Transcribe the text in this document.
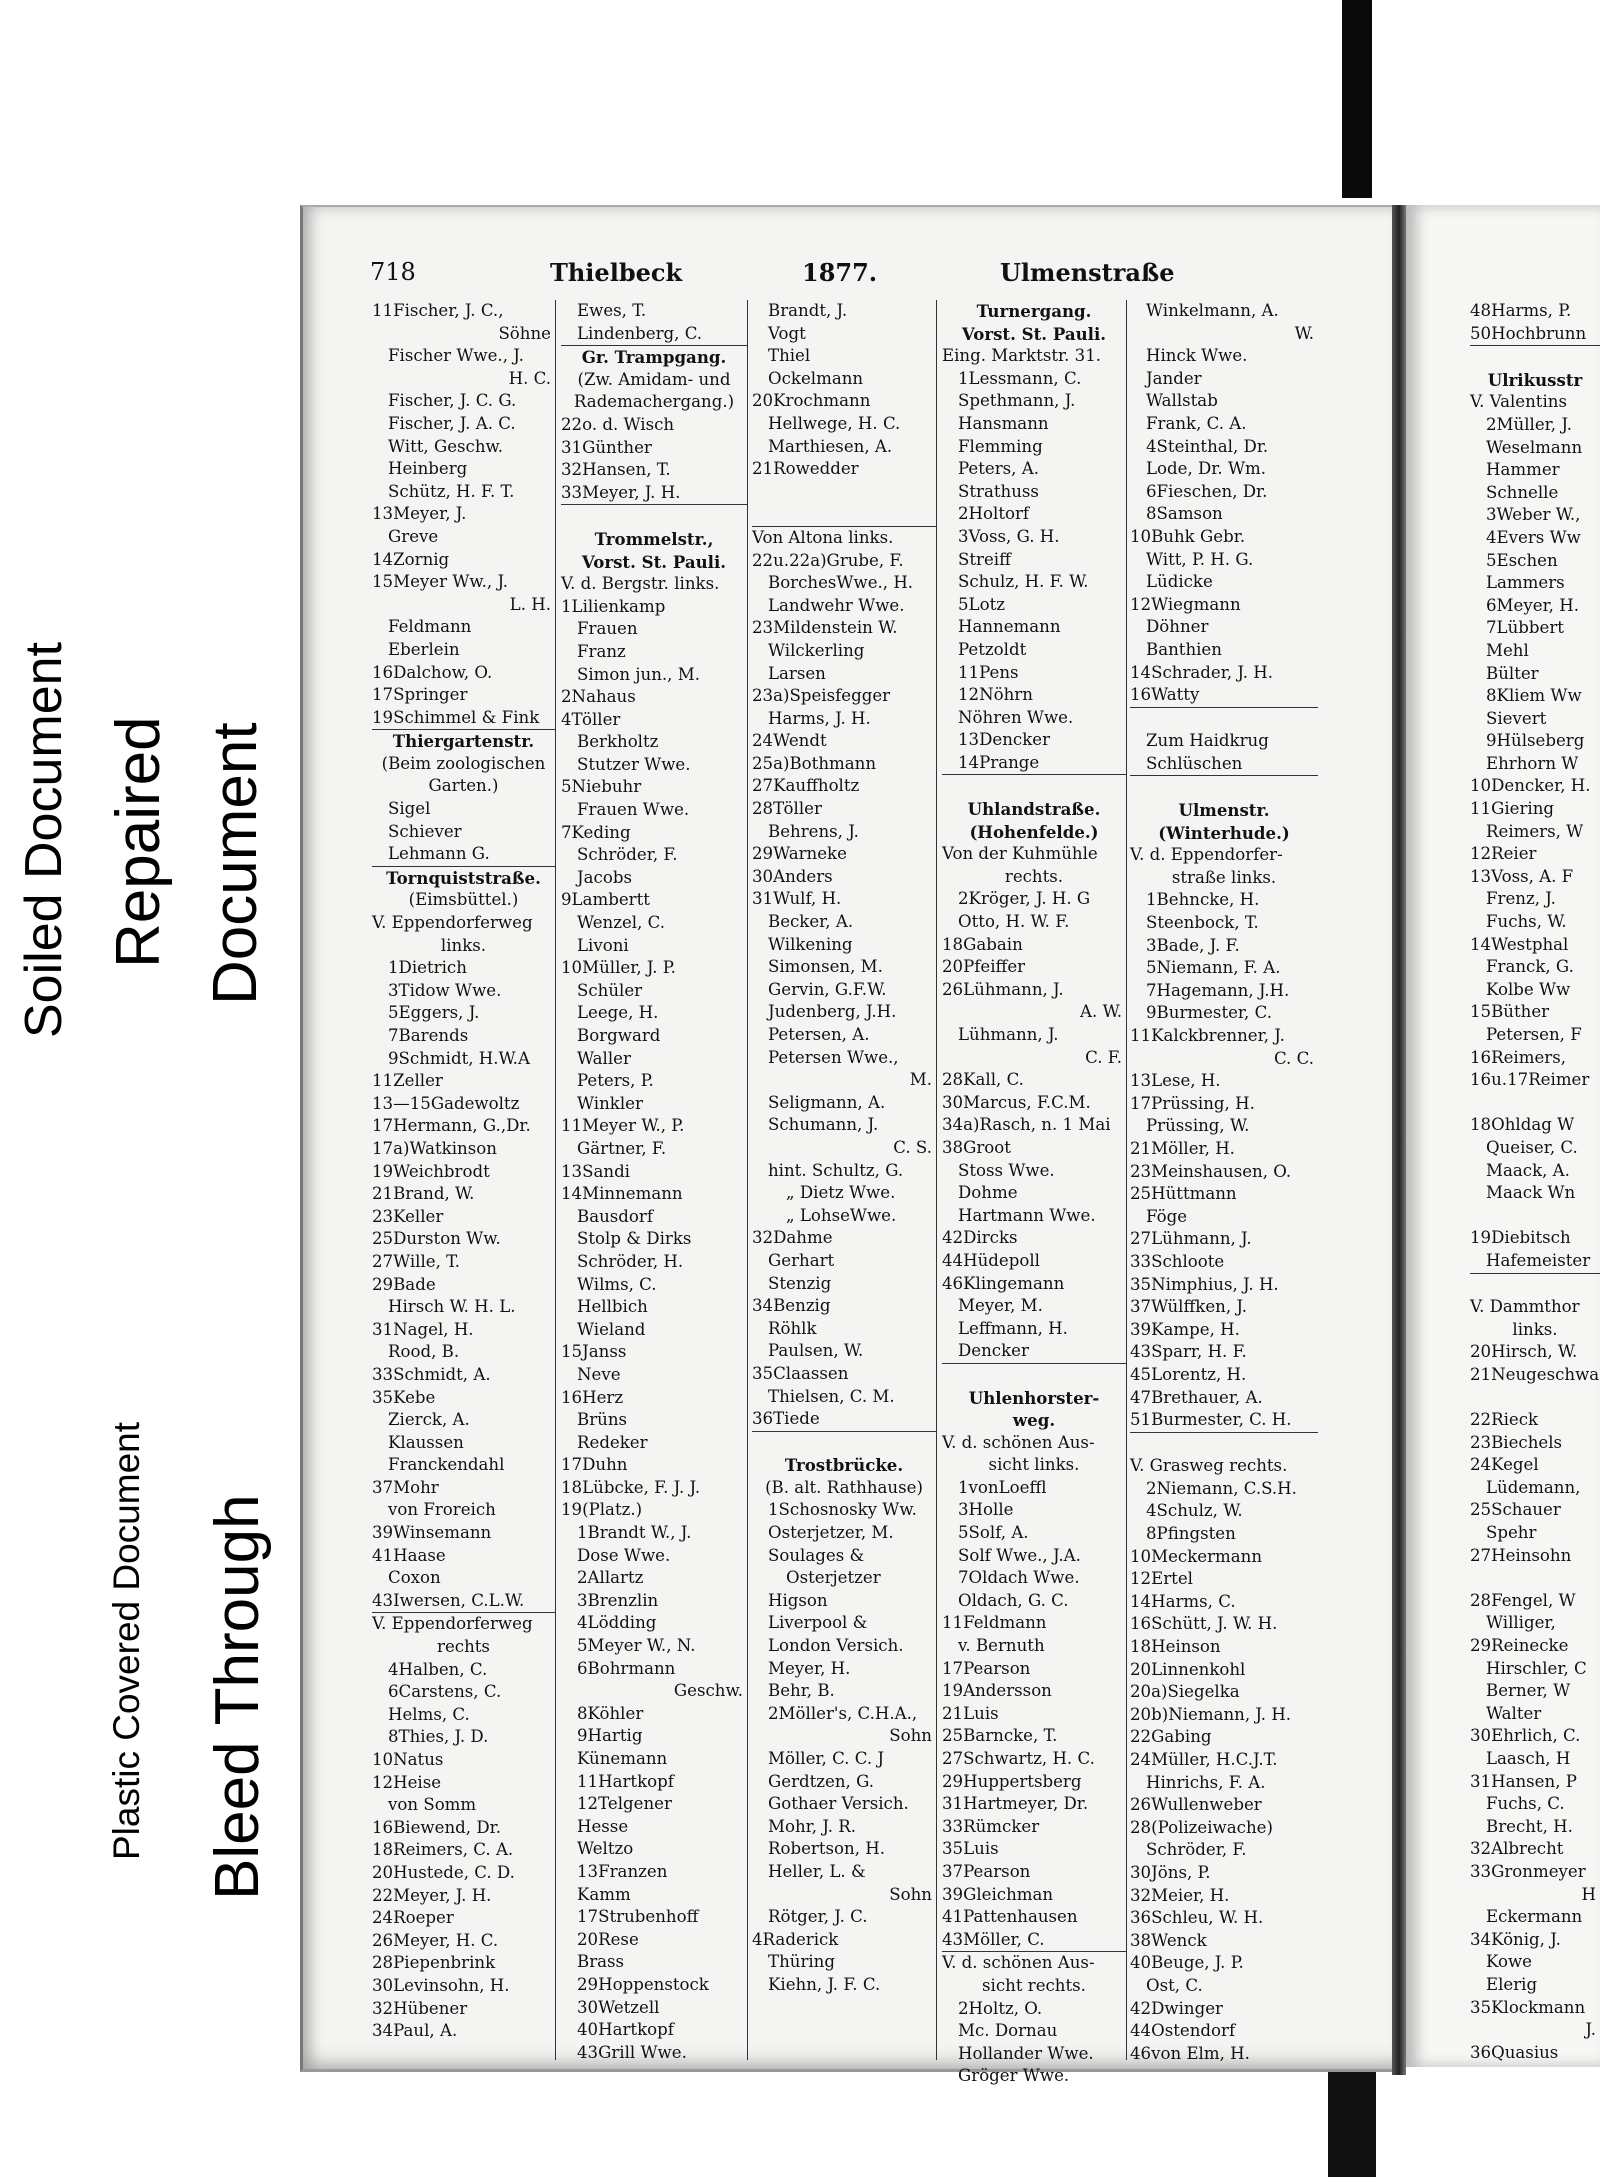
Soiled Document Repaired Document
Plastic Covered Document Bleed Through
718	Thielbeck	1877.	Ulmenstraße
11Fischer, J. C.,
Söhne
Fischer Wwe., J.
H. C.
Fischer, J. C. G.
Fischer, J. A. C.
Witt, Geschw.
Heinberg
Schütz, H. F. T.
13Meyer, J.
Greve
14Zornig
15Meyer Ww., J.
L. H.
Feldmann
Eberlein
16Dalchow, O.
17Springer
19Schimmel & Fink
Thiergartenstr.
(Beim zoologischen
Garten.)
Sigel
Schiever
Lehmann G.
Tornquiststraße.
(Eimsbüttel.)
V. Eppendorferweg
links.
1Dietrich
3Tidow Wwe.
5Eggers, J.
7Barends
9Schmidt, H.W.A
11Zeller
13—15Gadewoltz
17Hermann, G.,Dr.
17a)Watkinson
19Weichbrodt
21Brand, W.
23Keller
25Durston Ww.
27Wille, T.
29Bade
Hirsch W. H. L.
31Nagel, H.
Rood, B.
33Schmidt, A.
35Kebe
Zierck, A.
Klaussen
Franckendahl
37Mohr
von Froreich
39Winsemann
41Haase
Coxon
43Iwersen, C.L.W.
V. Eppendorferweg
rechts
4Halben, C.
6Carstens, C.
Helms, C.
8Thies, J. D.
10Natus
12Heise
von Somm
16Biewend, Dr.
18Reimers, C. A.
20Hustede, C. D.
22Meyer, J. H.
24Roeper
26Meyer, H. C.
28Piepenbrink
30Levinsohn, H.
32Hübener
34Paul, A.
Ewes, T.
Lindenberg, C.
Gr. Trampgang.
(Zw. Amidam- und
Rademachergang.)
22o. d. Wisch
31Günther
32Hansen, T.
33Meyer, J. H.
Trommelstr.,
Vorst. St. Pauli.
V. d. Bergstr. links.
1Lilienkamp
Frauen
Franz
Simon jun., M.
2Nahaus
4Töller
Berkholtz
Stutzer Wwe.
5Niebuhr
Frauen Wwe.
7Keding
Schröder, F.
Jacobs
9Lambertt
Wenzel, C.
Livoni
10Müller, J. P.
Schüler
Leege, H.
Borgward
Waller
Peters, P.
Winkler
11Meyer W., P.
Gärtner, F.
13Sandi
14Minnemann
Bausdorf
Stolp & Dirks
Schröder, H.
Wilms, C.
Hellbich
Wieland
15Janss
Neve
16Herz
Brüns
Redeker
17Duhn
18Lübcke, F. J. J.
19(Platz.)
1Brandt W., J.
Dose Wwe.
2Allartz
3Brenzlin
4Lödding
5Meyer W., N.
6Bohrmann
Geschw.
8Köhler
9Hartig
Künemann
11Hartkopf
12Telgener
Hesse
Weltzo
13Franzen
Kamm
17Strubenhoff
20Rese
Brass
29Hoppenstock
30Wetzell
40Hartkopf
43Grill Wwe.
Brandt, J.
Vogt
Thiel
Ockelmann
20Krochmann
Hellwege, H. C.
Marthiesen, A.
21Rowedder
Von Altona links.
22u.22a)Grube, F.
BorchesWwe., H.
Landwehr Wwe.
23Mildenstein W.
Wilckerling
Larsen
23a)Speisfegger
Harms, J. H.
24Wendt
25a)Bothmann
27Kauffholtz
28Töller
Behrens, J.
29Warneke
30Anders
31Wulf, H.
Becker, A.
Wilkening
Simonsen, M.
Gervin, G.F.W.
Judenberg, J.H.
Petersen, A.
Petersen Wwe.,
M.
Seligmann, A.
Schumann, J.
C. S.
hint. Schultz, G.
„ Dietz Wwe.
„ LohseWwe.
32Dahme
Gerhart
Stenzig
34Benzig
Röhlk
Paulsen, W.
35Claassen
Thielsen, C. M.
36Tiede
Trostbrücke.
(B. alt. Rathhause)
1Schosnosky Ww.
Osterjetzer, M.
Soulages &
Osterjetzer
Higson
Liverpool &
London Versich.
Meyer, H.
Behr, B.
2Möller's, C.H.A.,
Sohn
Möller, C. C. J
Gerdtzen, G.
Gothaer Versich.
Mohr, J. R.
Robertson, H.
Heller, L. &
Sohn
Rötger, J. C.
4Raderick
Thüring
Kiehn, J. F. C.
Turnergang.
Vorst. St. Pauli.
Eing. Marktstr. 31.
1Lessmann, C.
Spethmann, J.
Hansmann
Flemming
Peters, A.
Strathuss
2Holtorf
3Voss, G. H.
Streiff
Schulz, H. F. W.
5Lotz
Hannemann
Petzoldt
11Pens
12Nöhrn
Nöhren Wwe.
13Dencker
14Prange
Uhlandstraße.
(Hohenfelde.)
Von der Kuhmühle
rechts.
2Kröger, J. H. G
Otto, H. W. F.
18Gabain
20Pfeiffer
26Lühmann, J.
A. W.
Lühmann, J.
C. F.
28Kall, C.
30Marcus, F.C.M.
34a)Rasch, n. 1 Mai
38Groot
Stoss Wwe.
Dohme
Hartmann Wwe.
42Dircks
44Hüdepoll
46Klingemann
Meyer, M.
Leffmann, H.
Dencker
Uhlenhorster-
weg.
V. d. schönen Aus-
sicht links.
1vonLoeffl
3Holle
5Solf, A.
Solf Wwe., J.A.
7Oldach Wwe.
Oldach, G. C.
11Feldmann
v. Bernuth
17Pearson
19Andersson
21Luis
25Barncke, T.
27Schwartz, H. C.
29Huppertsberg
31Hartmeyer, Dr.
33Rümcker
35Luis
37Pearson
39Gleichman
41Pattenhausen
43Möller, C.
V. d. schönen Aus-
sicht rechts.
2Holtz, O.
Mc. Dornau
Hollander Wwe.
Gröger Wwe.
Winkelmann, A.
W.
Hinck Wwe.
Jander
Wallstab
Frank, C. A.
4Steinthal, Dr.
Lode, Dr. Wm.
6Fieschen, Dr.
8Samson
10Buhk Gebr.
Witt, P. H. G.
Lüdicke
12Wiegmann
Döhner
Banthien
14Schrader, J. H.
16Watty
Zum Haidkrug
Schlüschen
Ulmenstr.
(Winterhude.)
V. d. Eppendorfer-
straße links.
1Behncke, H.
Steenbock, T.
3Bade, J. F.
5Niemann, F. A.
7Hagemann, J.H.
9Burmester, C.
11Kalckbrenner, J.
C. C.
13Lese, H.
17Prüssing, H.
Prüssing, W.
21Möller, H.
23Meinshausen, O.
25Hüttmann
Föge
27Lühmann, J.
33Schloote
35Nimphius, J. H.
37Wülffken, J.
39Kampe, H.
43Sparr, H. F.
45Lorentz, H.
47Brethauer, A.
51Burmester, C. H.
V. Grasweg rechts.
2Niemann, C.S.H.
4Schulz, W.
8Pfingsten
10Meckermann
12Ertel
14Harms, C.
16Schütt, J. W. H.
18Heinson
20Linnenkohl
20a)Siegelka
20b)Niemann, J. H.
22Gabing
24Müller, H.C.J.T.
Hinrichs, F. A.
26Wullenweber
28(Polizeiwache)
Schröder, F.
30Jöns, P.
32Meier, H.
36Schleu, W. H.
38Wenck
40Beuge, J. P.
Ost, C.
42Dwinger
44Ostendorf
46von Elm, H.
48Harms, P.
50Hochbrunn
Ulrikusstr
V. Valentins
2Müller, J.
Weselmann
Hammer
Schnelle
3Weber W.,
4Evers Ww
5Eschen
Lammers
6Meyer, H.
7Lübbert
Mehl
Bülter
8Kliem Ww
Sievert
9Hülseberg
Ehrhorn W
10Dencker, H.
11Giering
Reimers, W
12Reier
13Voss, A. F
Frenz, J.
Fuchs, W.
14Westphal
Franck, G.
Kolbe Ww
15Büther
Petersen, F
16Reimers,
16u.17Reimer
18Ohldag W
Queiser, C.
Maack, A.
Maack Wn
19Diebitsch
Hafemeister
V. Dammthor
links.
20Hirsch, W.
21Neugeschwa
22Rieck
23Biechels
24Kegel
Lüdemann,
25Schauer
Spehr
27Heinsohn
28Fengel, W
Williger,
29Reinecke
Hirschler, C
Berner, W
Walter
30Ehrlich, C.
Laasch, H
31Hansen, P
Fuchs, C.
Brecht, H.
32Albrecht
33Gronmeyer
H
Eckermann
34König, J.
Kowe
Elerig
35Klockmann
J.
36Quasius
